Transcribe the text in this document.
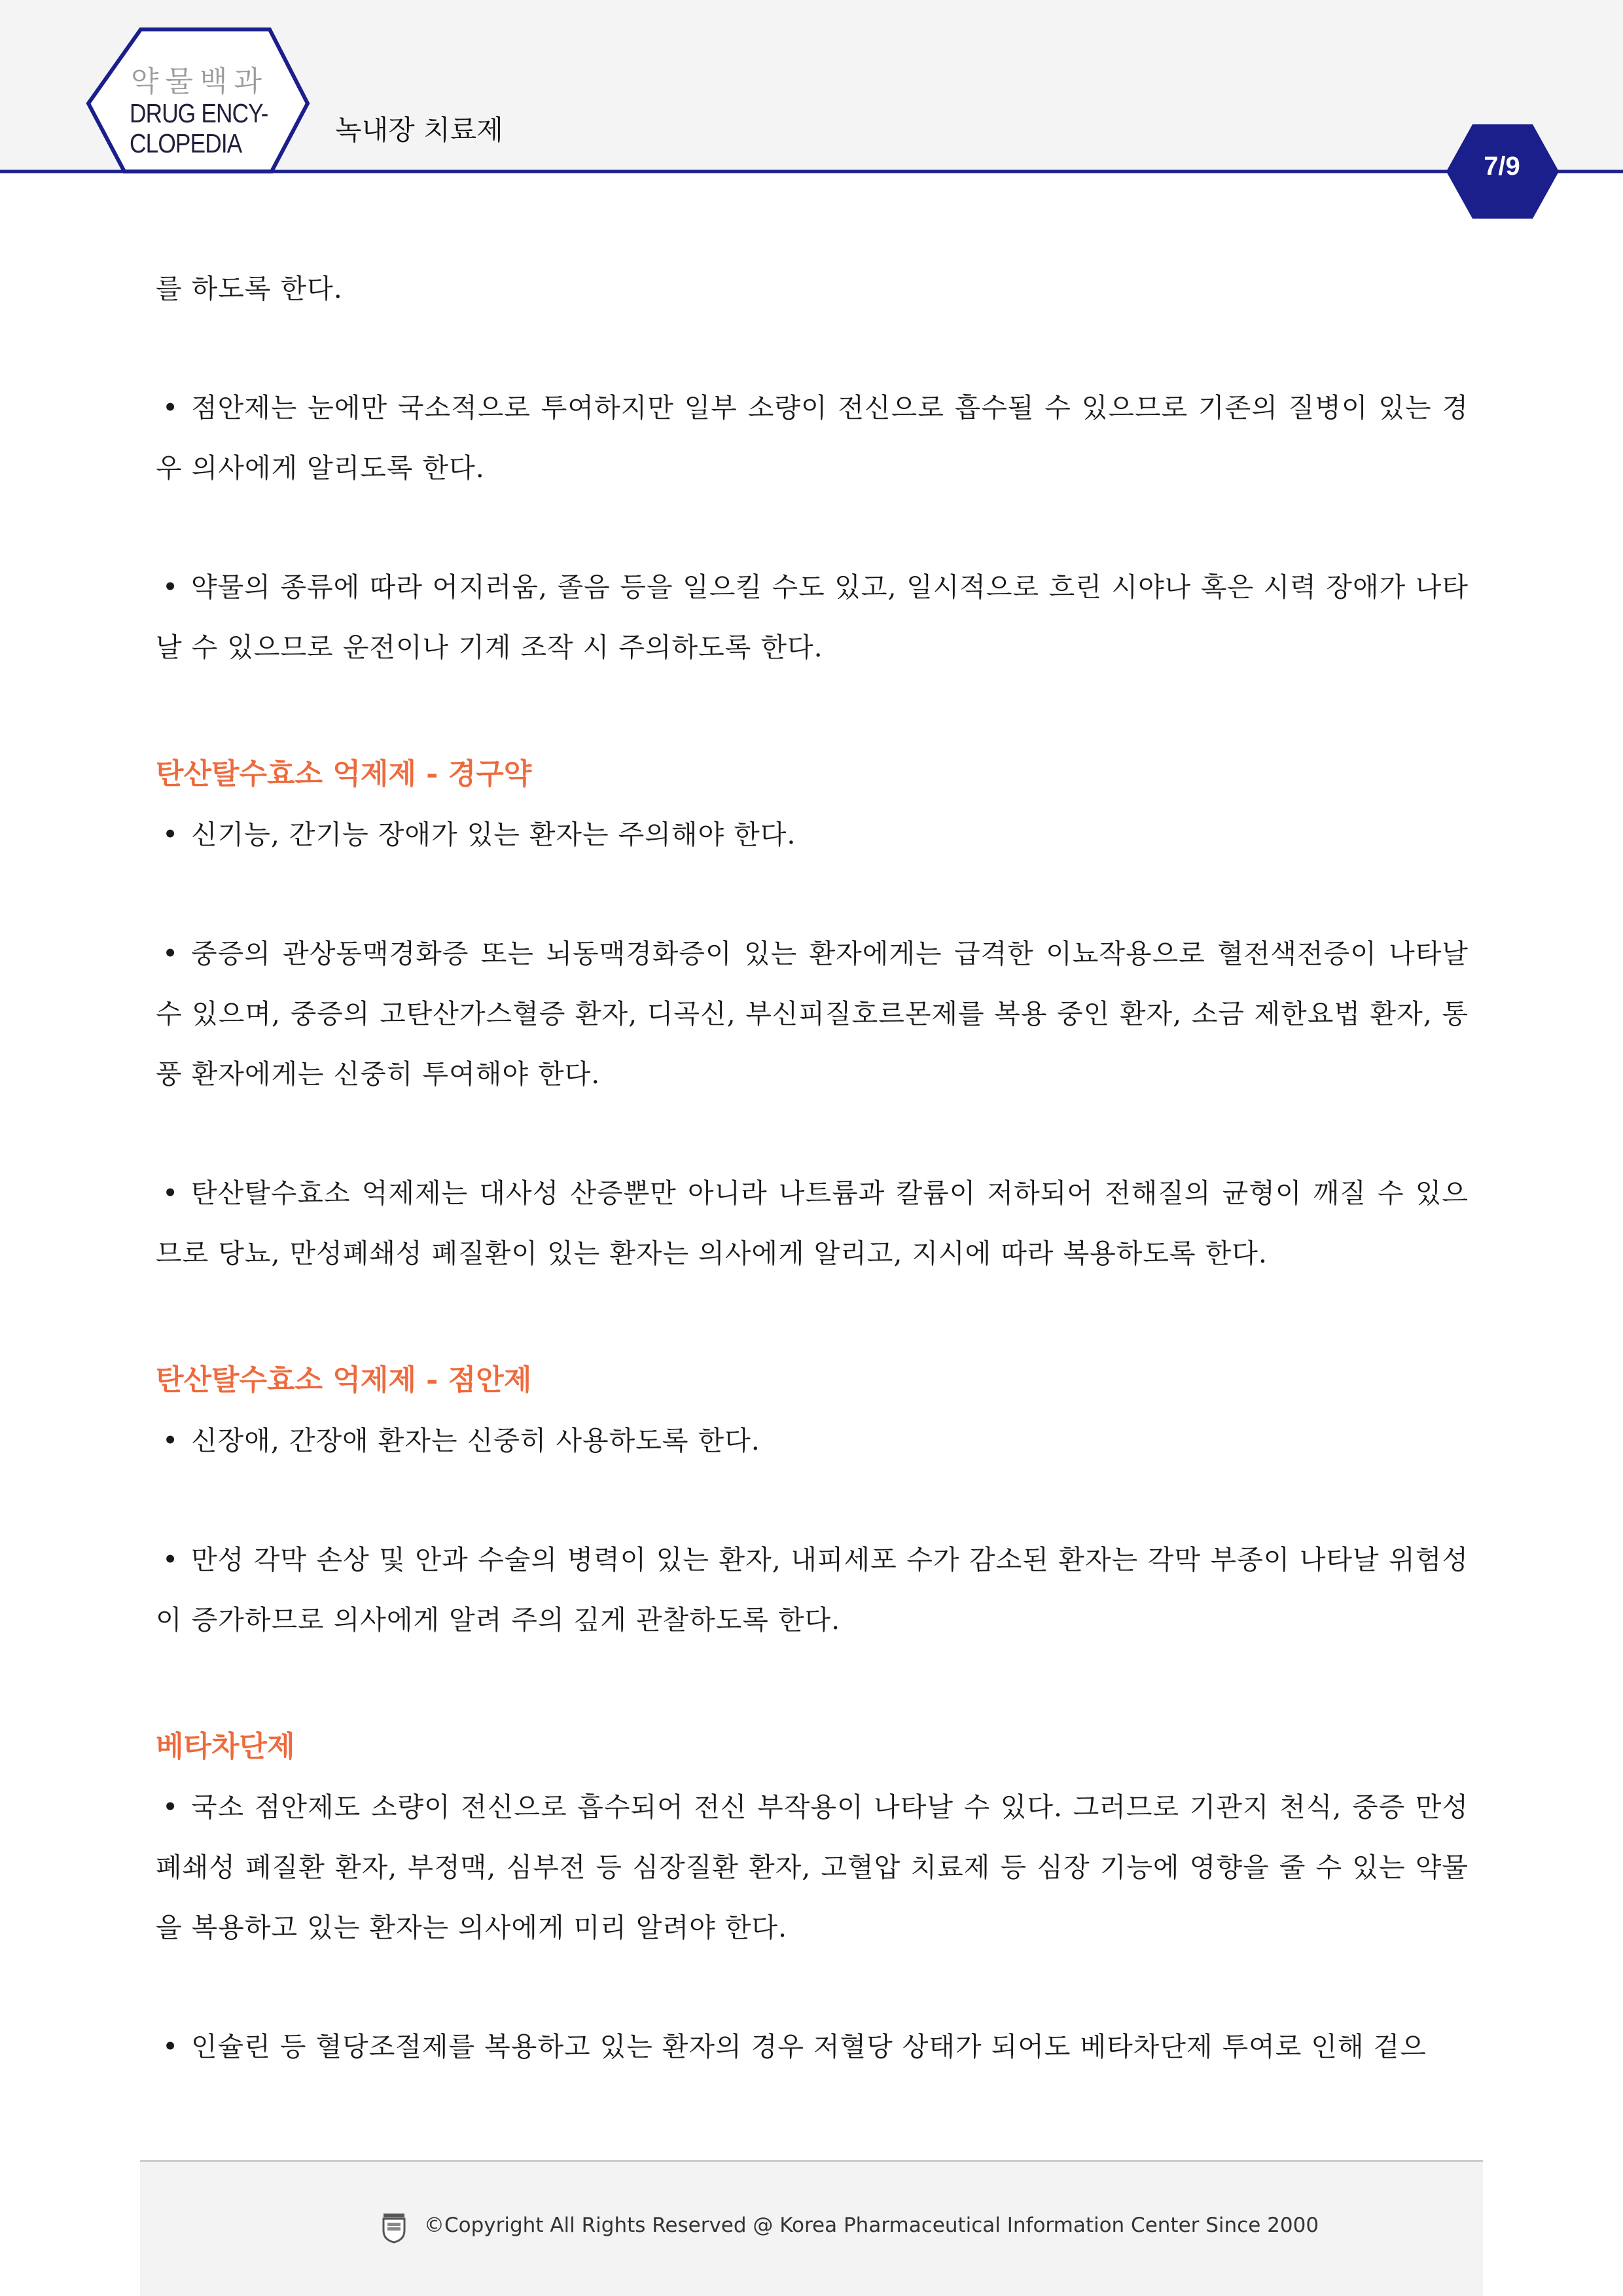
약물백과
DRUG ENCY-
CLOPEDIA	녹내장 치료제
7/9

를 하도록 한다.

• 점안제는 눈에만 국소적으로 투여하지만 일부 소량이 전신으로 흡수될 수 있으므로 기존의 질병이 있는 경우 의사에게 알리도록 한다.

• 약물의 종류에 따라 어지러움, 졸음 등을 일으킬 수도 있고, 일시적으로 흐린 시야나 혹은 시력 장애가 나타날 수 있으므로 운전이나 기계 조작 시 주의하도록 한다.

탄산탈수효소 억제제 - 경구약

• 신기능, 간기능 장애가 있는 환자는 주의해야 한다.

• 중증의 관상동맥경화증 또는 뇌동맥경화증이 있는 환자에게는 급격한 이뇨작용으로 혈전색전증이 나타날 수 있으며, 중증의 고탄산가스혈증 환자, 디곡신, 부신피질호르몬제를 복용 중인 환자, 소금 제한요법 환자, 통풍 환자에게는 신중히 투여해야 한다.

• 탄산탈수효소 억제제는 대사성 산증뿐만 아니라 나트륨과 칼륨이 저하되어 전해질의 균형이 깨질 수 있으므로 당뇨, 만성폐쇄성 폐질환이 있는 환자는 의사에게 알리고, 지시에 따라 복용하도록 한다.

탄산탈수효소 억제제 - 점안제

• 신장애, 간장애 환자는 신중히 사용하도록 한다.

• 만성 각막 손상 및 안과 수술의 병력이 있는 환자, 내피세포 수가 감소된 환자는 각막 부종이 나타날 위험성이 증가하므로 의사에게 알려 주의 깊게 관찰하도록 한다.

베타차단제

• 국소 점안제도 소량이 전신으로 흡수되어 전신 부작용이 나타날 수 있다. 그러므로 기관지 천식, 중증 만성 폐쇄성 폐질환 환자, 부정맥, 심부전 등 심장질환 환자, 고혈압 치료제 등 심장 기능에 영향을 줄 수 있는 약물을 복용하고 있는 환자는 의사에게 미리 알려야 한다.

• 인슐린 등 혈당조절제를 복용하고 있는 환자의 경우 저혈당 상태가 되어도 베타차단제 투여로 인해 겉으

©Copyright All Rights Reserved @ Korea Pharmaceutical Information Center Since 2000
